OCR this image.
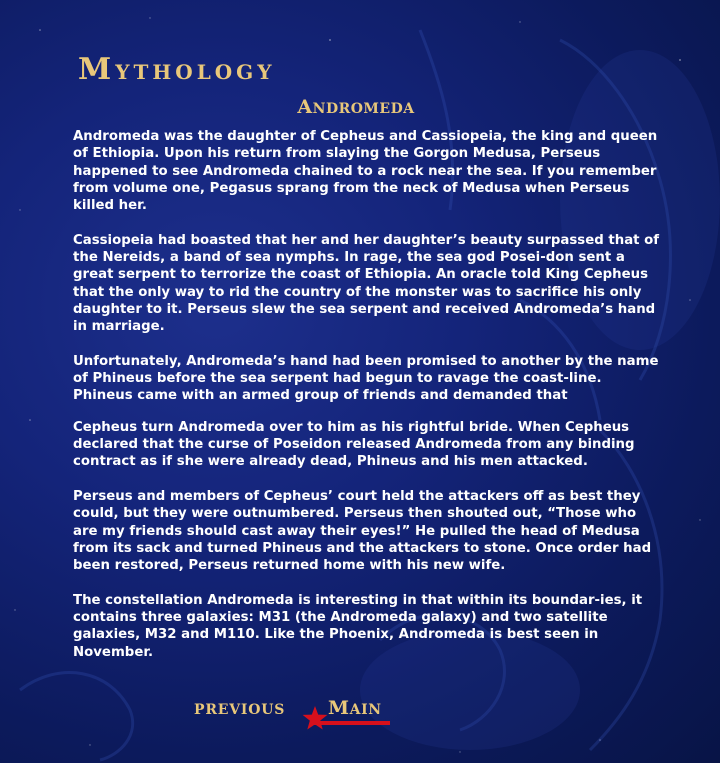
MYTHOLOGY
ANDROMEDA

Andromeda was the daughter of Cepheus and Cassiopeia, the king and queen of Ethiopia. Upon his return from slaying the Gorgon Medusa, Perseus happened to see Andromeda chained to a rock near the sea. If you remember from volume one, Pegasus sprang from the neck of Medusa when Perseus killed her.

Cassiopeia had boasted that her and her daughter’s beauty surpassed that of the Nereids, a band of sea nymphs. In rage, the sea god Posei-don sent a great serpent to terrorize the coast of Ethiopia. An oracle told King Cepheus that the only way to rid the country of the monster was to sacrifice his only daughter to it. Perseus slew the sea serpent and received Andromeda’s hand in marriage.

Unfortunately, Andromeda’s hand had been promised to another by the name of Phineus before the sea serpent had begun to ravage the coast-line. Phineus came with an armed group of friends and demanded that

Cepheus turn Andromeda over to him as his rightful bride. When Cepheus declared that the curse of Poseidon released Andromeda from any binding contract as if she were already dead, Phineus and his men attacked.

Perseus and members of Cepheus’ court held the attackers off as best they could, but they were outnumbered. Perseus then shouted out, “Those who are my friends should cast away their eyes!” He pulled the head of Medusa from its sack and turned Phineus and the attackers to stone. Once order had been restored, Perseus returned home with his new wife.

The constellation Andromeda is interesting in that within its boundar-ies, it contains three galaxies: M31 (the Andromeda galaxy) and two satellite galaxies, M32 and M110. Like the Phoenix, Andromeda is best seen in November.

PREVIOUS MAIN
